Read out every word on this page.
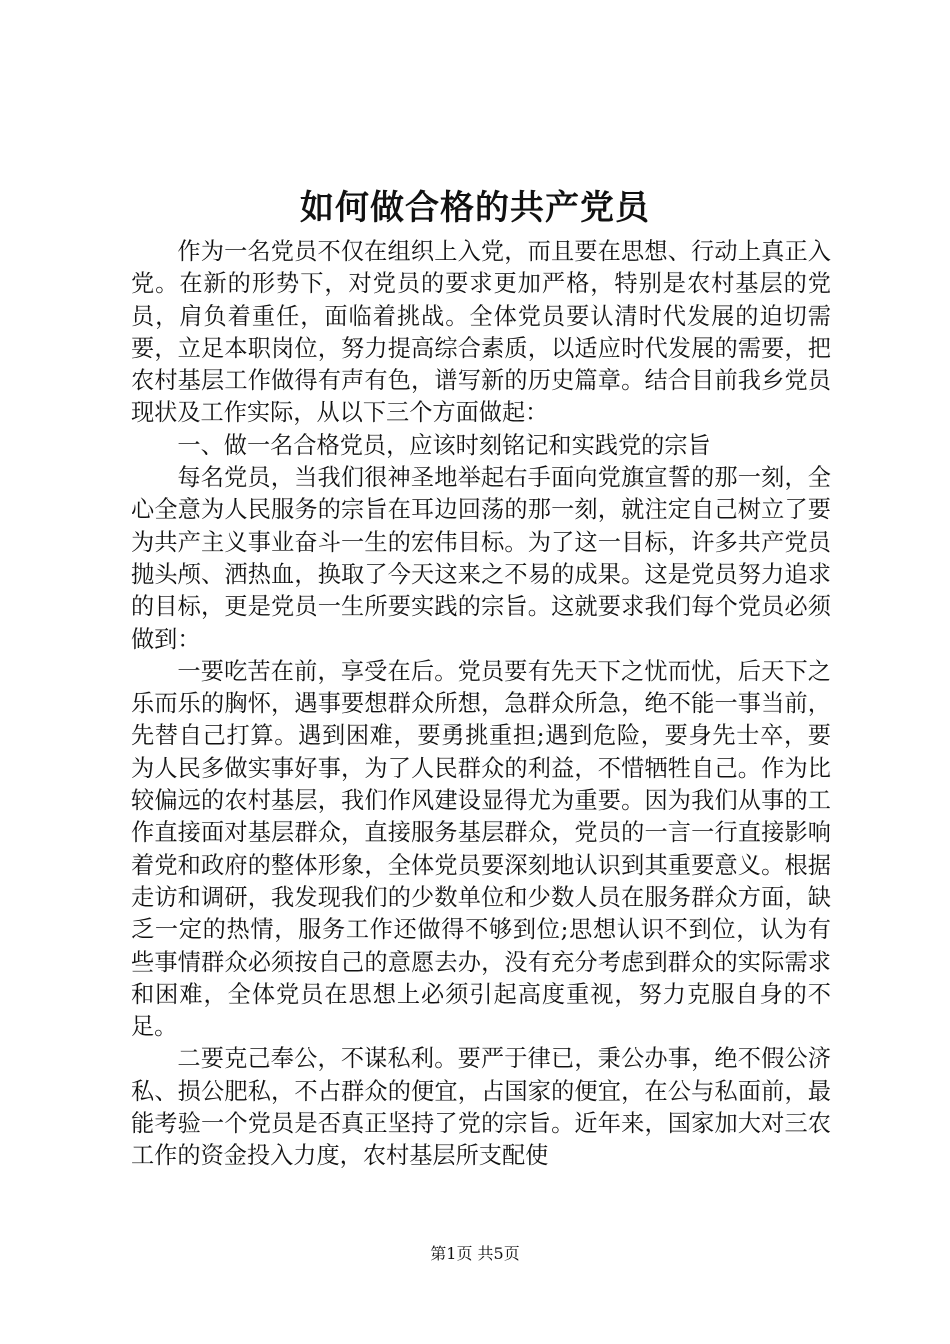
如何做合格的共产党员

作为一名党员不仅在组织上入党，而且要在思想、行动上真正入党。在新的形势下，对党员的要求更加严格，特别是农村基层的党员，肩负着重任，面临着挑战。全体党员要认清时代发展的迫切需要，立足本职岗位，努力提高综合素质，以适应时代发展的需要，把农村基层工作做得有声有色，谱写新的历史篇章。结合目前我乡党员现状及工作实际，从以下三个方面做起：

一、做一名合格党员，应该时刻铭记和实践党的宗旨

每名党员，当我们很神圣地举起右手面向党旗宣誓的那一刻，全心全意为人民服务的宗旨在耳边回荡的那一刻，就注定自己树立了要为共产主义事业奋斗一生的宏伟目标。为了这一目标，许多共产党员抛头颅、洒热血，换取了今天这来之不易的成果。这是党员努力追求的目标，更是党员一生所要实践的宗旨。这就要求我们每个党员必须做到：

一要吃苦在前，享受在后。党员要有先天下之忧而忧，后天下之乐而乐的胸怀，遇事要想群众所想，急群众所急，绝不能一事当前，先替自己打算。遇到困难，要勇挑重担;遇到危险，要身先士卒，要为人民多做实事好事，为了人民群众的利益，不惜牺牲自己。作为比较偏远的农村基层，我们作风建设显得尤为重要。因为我们从事的工作直接面对基层群众，直接服务基层群众，党员的一言一行直接影响着党和政府的整体形象，全体党员要深刻地认识到其重要意义。根据走访和调研，我发现我们的少数单位和少数人员在服务群众方面，缺乏一定的热情，服务工作还做得不够到位;思想认识不到位，认为有些事情群众必须按自己的意愿去办，没有充分考虑到群众的实际需求和困难，全体党员在思想上必须引起高度重视，努力克服自身的不足。

二要克己奉公，不谋私利。要严于律已，秉公办事，绝不假公济私、损公肥私，不占群众的便宜，占国家的便宜，在公与私面前，最能考验一个党员是否真正坚持了党的宗旨。近年来，国家加大对三农工作的资金投入力度，农村基层所支配使

第1页 共5页
